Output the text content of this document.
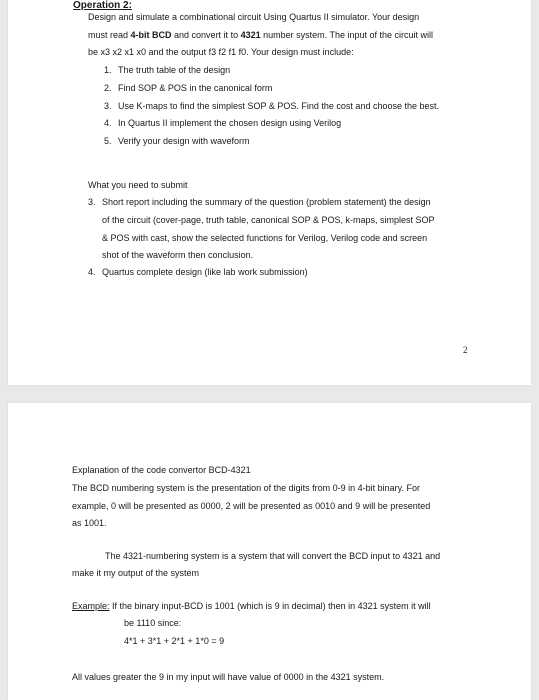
Operation 2:
Design and simulate a combinational circuit Using Quartus II simulator. Your design
must read 4-bit BCD and convert it to 4321 number system. The input of the circuit will
be x3 x2 x1 x0 and the output f3 f2 f1 f0. Your design must include:
1. The truth table of the design
2. Find SOP & POS in the canonical form
3. Use K-maps to find the simplest SOP & POS. Find the cost and choose the best.
4. In Quartus II implement the chosen design using Verilog
5. Verify your design with waveform
What you need to submit
3. Short report including the summary of the question (problem statement) the design
of the circuit (cover-page, truth table, canonical SOP & POS, k-maps, simplest SOP
& POS with cast, show the selected functions for Verilog, Verilog code and screen
shot of the waveform then conclusion.
4. Quartus complete design (like lab work submission)
2
Explanation of the code convertor BCD-4321
The BCD numbering system is the presentation of the digits from 0-9 in 4-bit binary. For
example, 0 will be presented as 0000, 2 will be presented as 0010 and 9 will be presented
as 1001.
The 4321-numbering system is a system that will convert the BCD input to 4321 and
make it my output of the system
Example: If the binary input-BCD is 1001 (which is 9 in decimal) then in 4321 system it will
be 1110 since:
4*1 + 3*1 + 2*1 + 1*0 = 9
All values greater the 9 in my input will have value of 0000 in the 4321 system.
